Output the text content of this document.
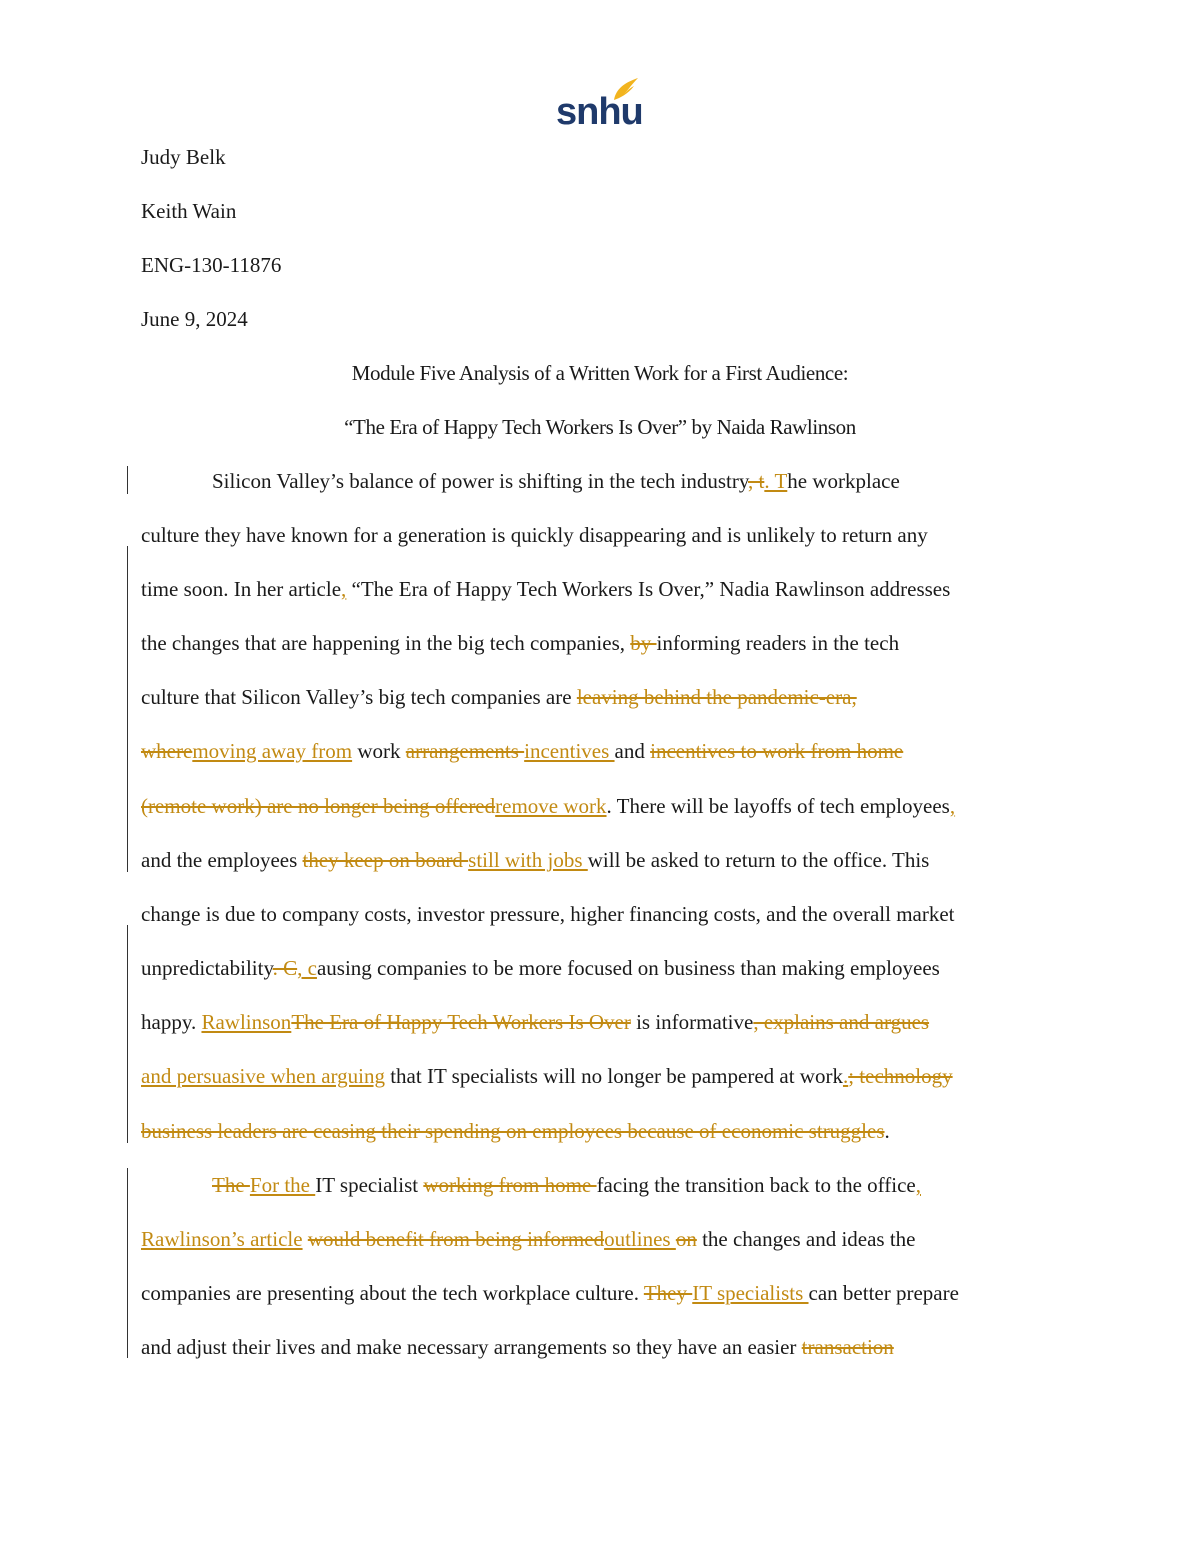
snhu
Judy Belk
Keith Wain
ENG-130-11876
June 9, 2024
Module Five Analysis of a Written Work for a First Audience:
“The Era of Happy Tech Workers Is Over” by Naida Rawlinson
Silicon Valley’s balance of power is shifting in the tech industry, t. The workplace
culture they have known for a generation is quickly disappearing and is unlikely to return any
time soon. In her article, “The Era of Happy Tech Workers Is Over,” Nadia Rawlinson addresses
the changes that are happening in the big tech companies, by informing readers in the tech
culture that Silicon Valley’s big tech companies are leaving behind the pandemic-era,
wheremoving away from work arrangements incentives and incentives to work from home
(remote work) are no longer being offeredremove work. There will be layoffs of tech employees,
and the employees they keep on board still with jobs will be asked to return to the office. This
change is due to company costs, investor pressure, higher financing costs, and the overall market
unpredictability. C, causing companies to be more focused on business than making employees
happy. RawlinsonThe Era of Happy Tech Workers Is Over is informative, explains and argues
and persuasive when arguing that IT specialists will no longer be pampered at work.; technology
business leaders are ceasing their spending on employees because of economic struggles.
The For the IT specialist working from home facing the transition back to the office,
Rawlinson’s article would benefit from being informedoutlines on the changes and ideas the
companies are presenting about the tech workplace culture. They IT specialists can better prepare
and adjust their lives and make necessary arrangements so they have an easier transaction
